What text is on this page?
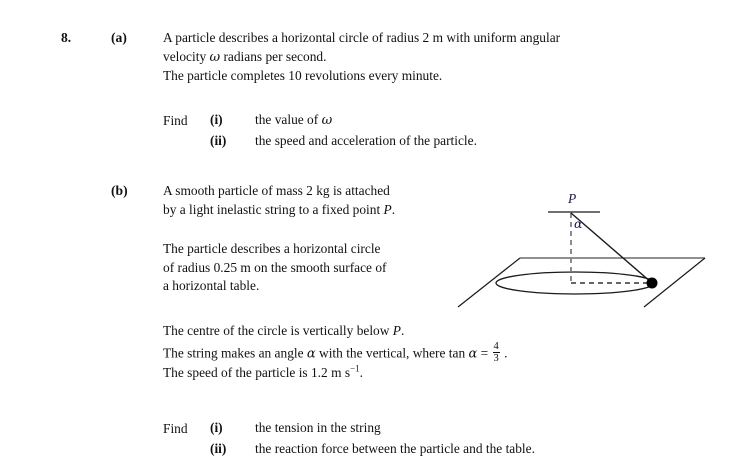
8.	(a)
(b)
A particle describes a horizontal circle of radius 2 m with uniform angular
velocity ω radians per second.
The particle completes 10 revolutions every minute.
Find (i) the value of ω
(ii) the speed and acceleration of the particle.
A smooth particle of mass 2 kg is attached
by a light inelastic string to a fixed point P.
The particle describes a horizontal circle
of radius 0.25 m on the smooth surface of
a horizontal table.
The centre of the circle is vertically below P.
The string makes an angle α with the vertical, where $\tan \alpha = \frac{4}{3}$ .
The speed of the particle is 1.2 m $s^{-1}$.
Find (i) the tension in the string
(ii) the reaction force between the particle and the table.
P
α
